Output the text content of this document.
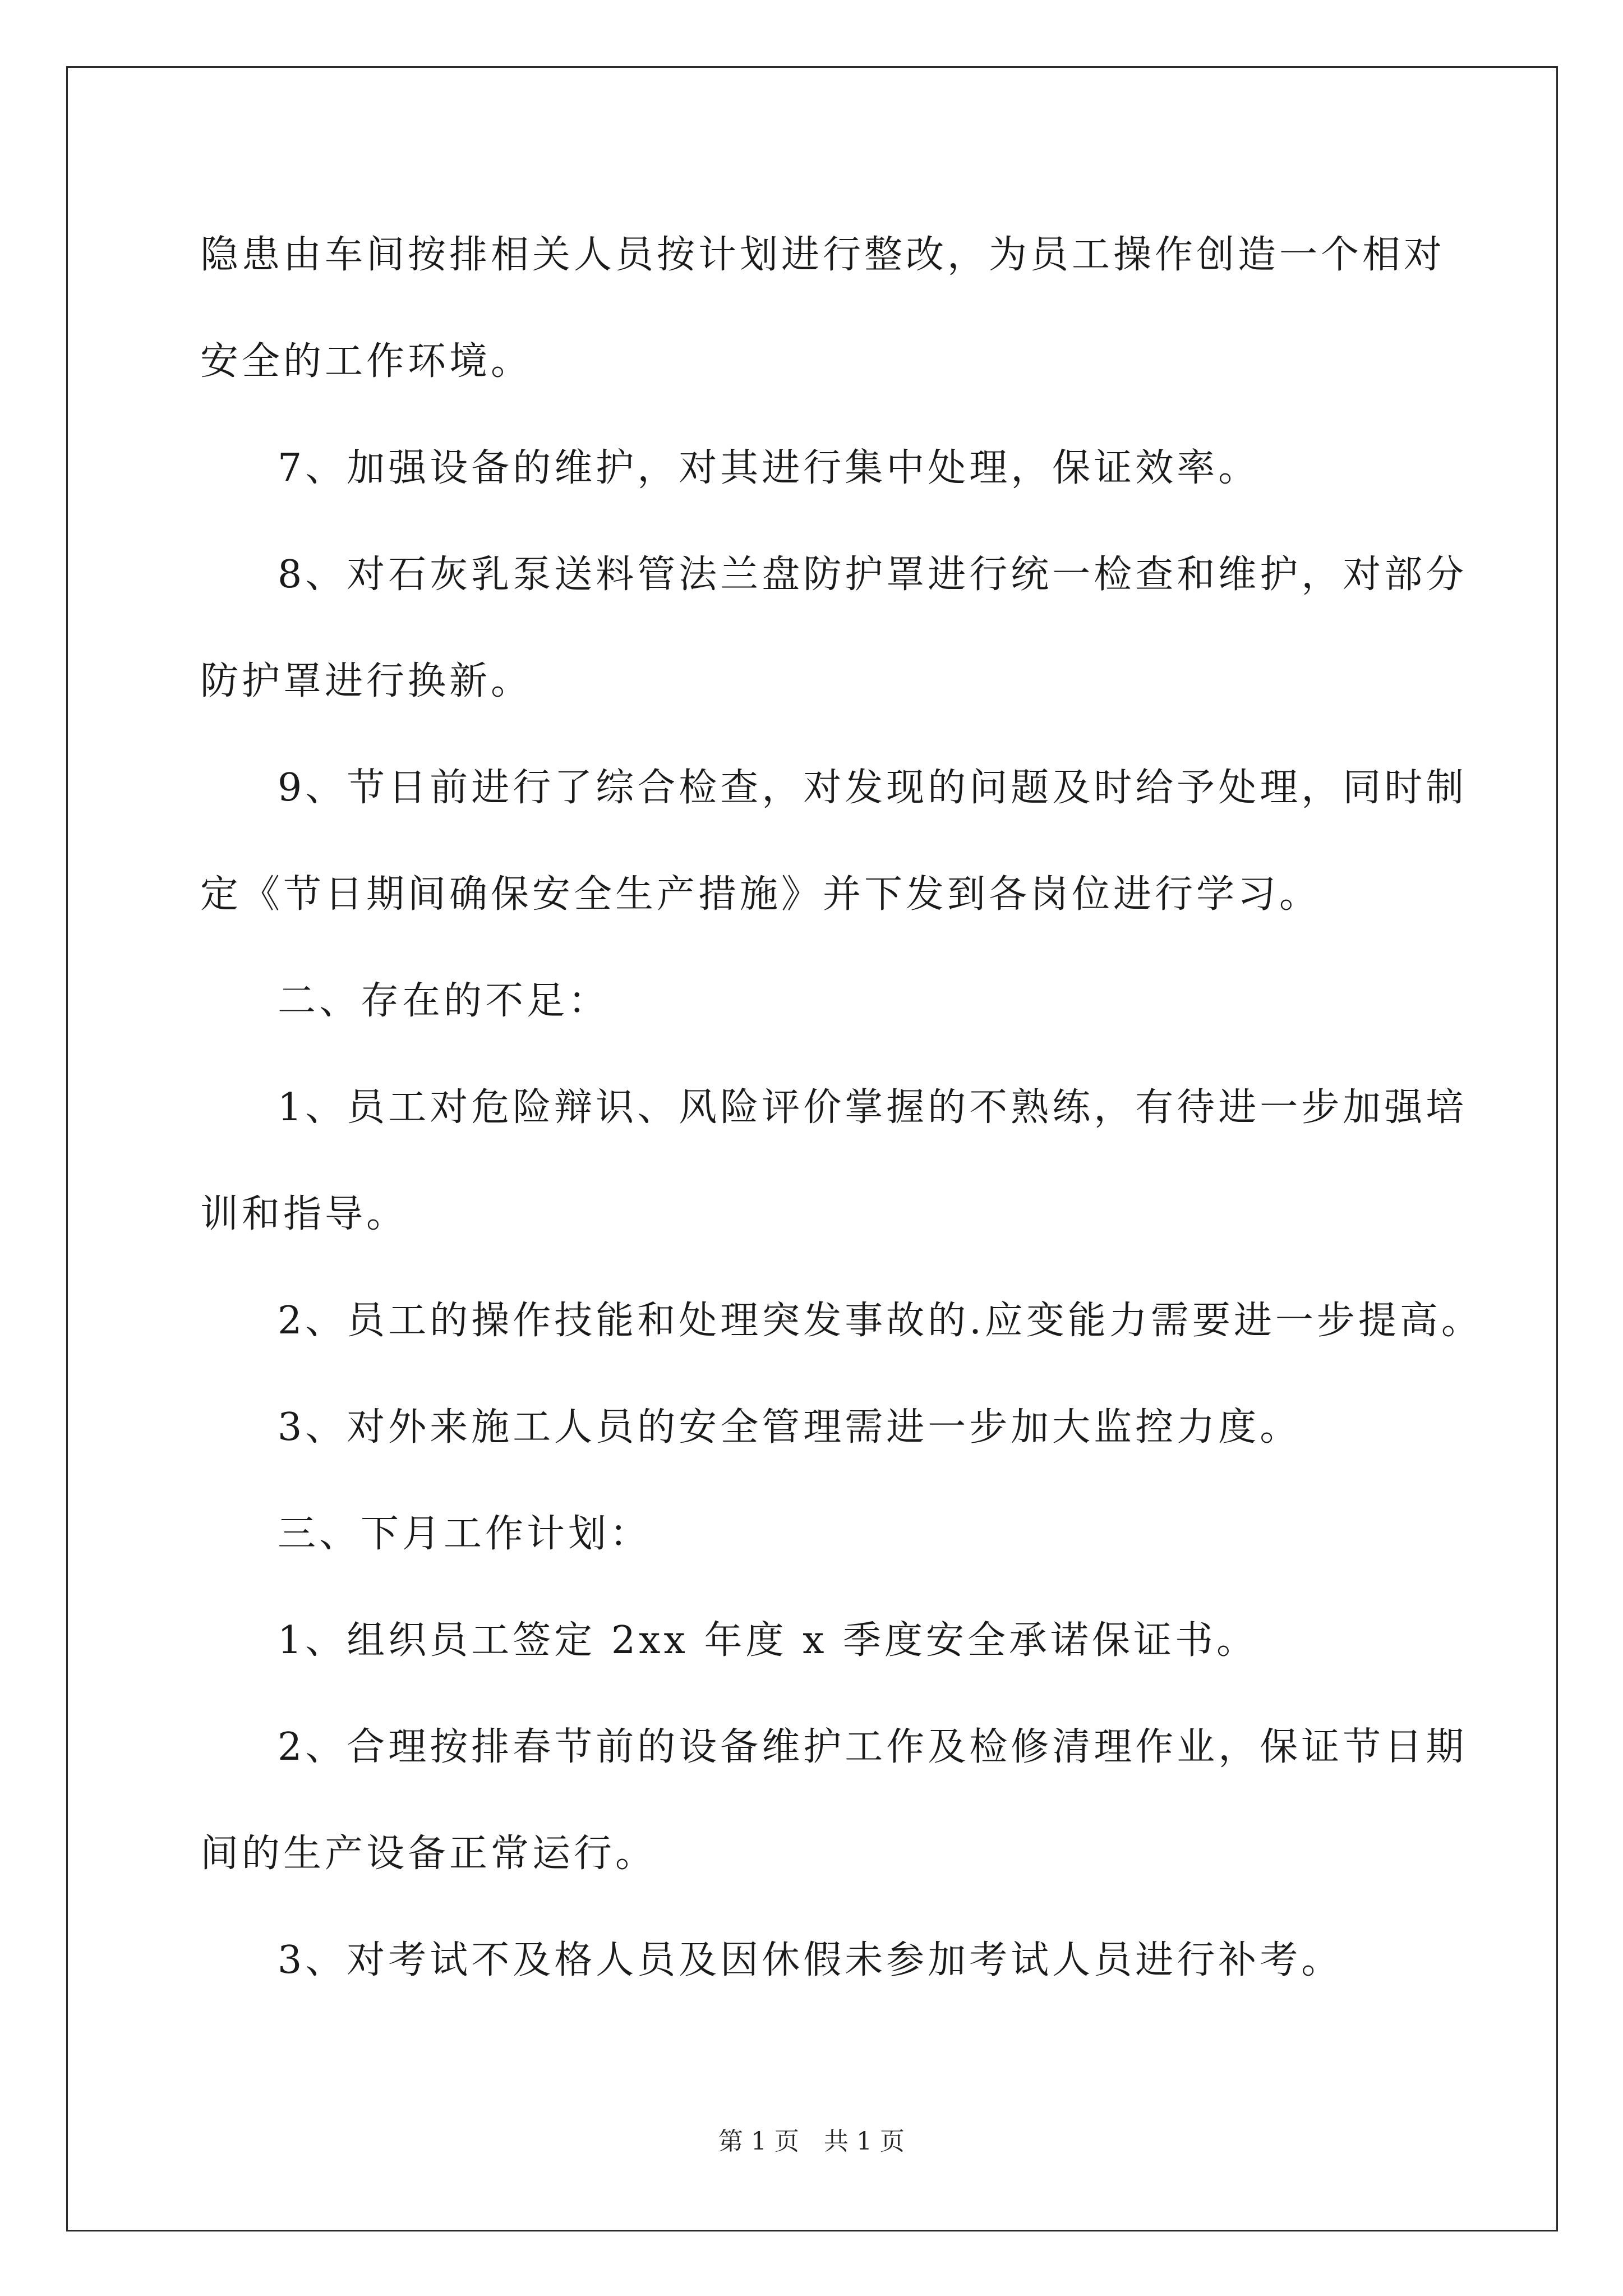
隐患由车间按排相关人员按计划进行整改，为员工操作创造一个相对
安全的工作环境。
7、加强设备的维护，对其进行集中处理，保证效率。
8、对石灰乳泵送料管法兰盘防护罩进行统一检查和维护，对部分
防护罩进行换新。
9、节日前进行了综合检查，对发现的问题及时给予处理，同时制
定《节日期间确保安全生产措施》并下发到各岗位进行学习。
二、存在的不足：
1、员工对危险辩识、风险评价掌握的不熟练，有待进一步加强培
训和指导。
2、员工的操作技能和处理突发事故的.应变能力需要进一步提高。
3、对外来施工人员的安全管理需进一步加大监控力度。
三、下月工作计划：
1、组织员工签定 2xx 年度 x 季度安全承诺保证书。
2、合理按排春节前的设备维护工作及检修清理作业，保证节日期
间的生产设备正常运行。
3、对考试不及格人员及因休假未参加考试人员进行补考。
第 1 页　共 1 页
